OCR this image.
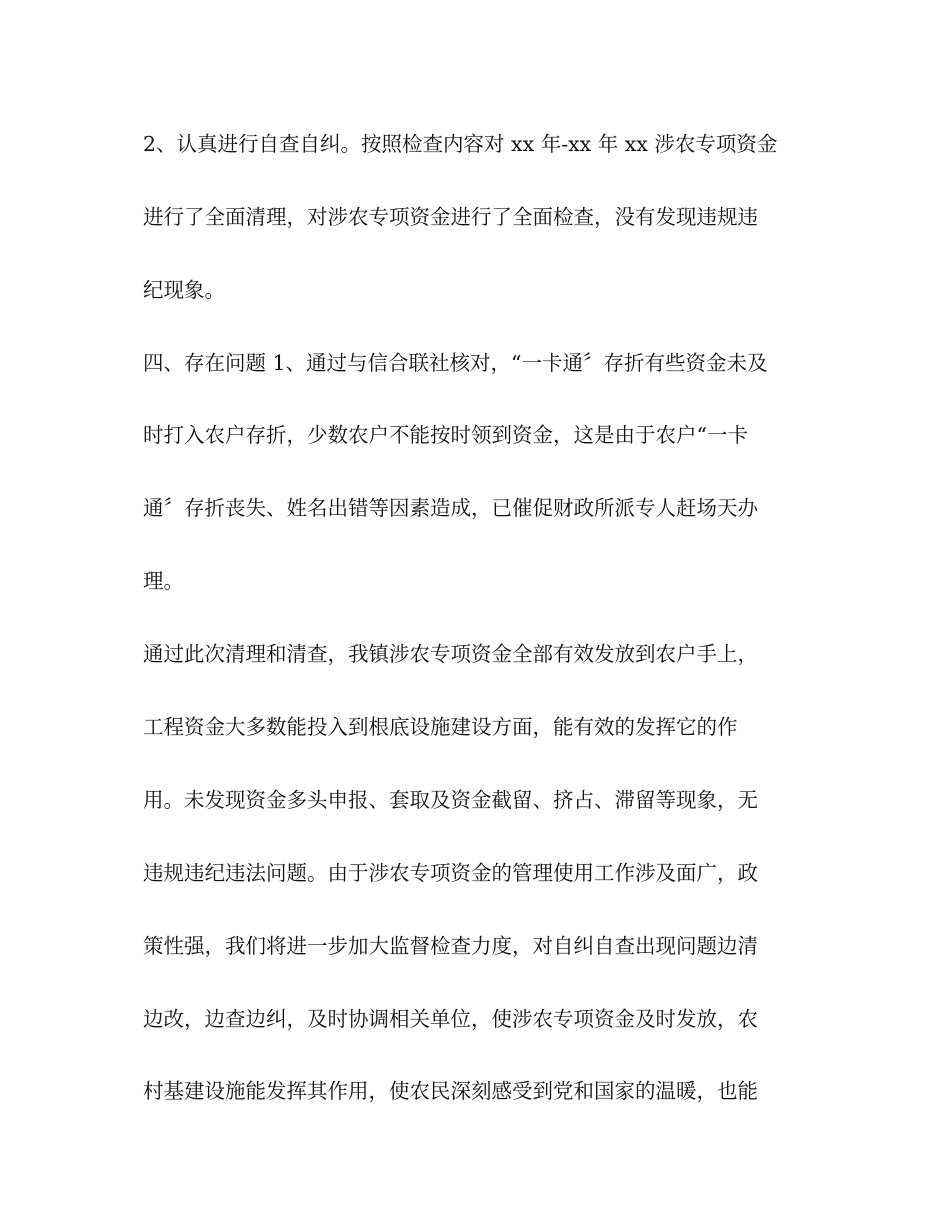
2、认真进行自查自纠。按照检查内容对 xx 年-xx 年 xx 涉农专项资金
进行了全面清理，对涉农专项资金进行了全面检查，没有发现违规违
纪现象。
四、存在问题 1、通过与信合联社核对，“一卡通〞存折有些资金未及
时打入农户存折，少数农户不能按时领到资金，这是由于农户“一卡
通〞存折丧失、姓名出错等因素造成，已催促财政所派专人赶场天办
理。
通过此次清理和清查，我镇涉农专项资金全部有效发放到农户手上，
工程资金大多数能投入到根底设施建设方面，能有效的发挥它的作
用。未发现资金多头申报、套取及资金截留、挤占、滞留等现象，无
违规违纪违法问题。由于涉农专项资金的管理使用工作涉及面广，政
策性强，我们将进一步加大监督检查力度，对自纠自查出现问题边清
边改，边查边纠，及时协调相关单位，使涉农专项资金及时发放，农
村基建设施能发挥其作用，使农民深刻感受到党和国家的温暖，也能
